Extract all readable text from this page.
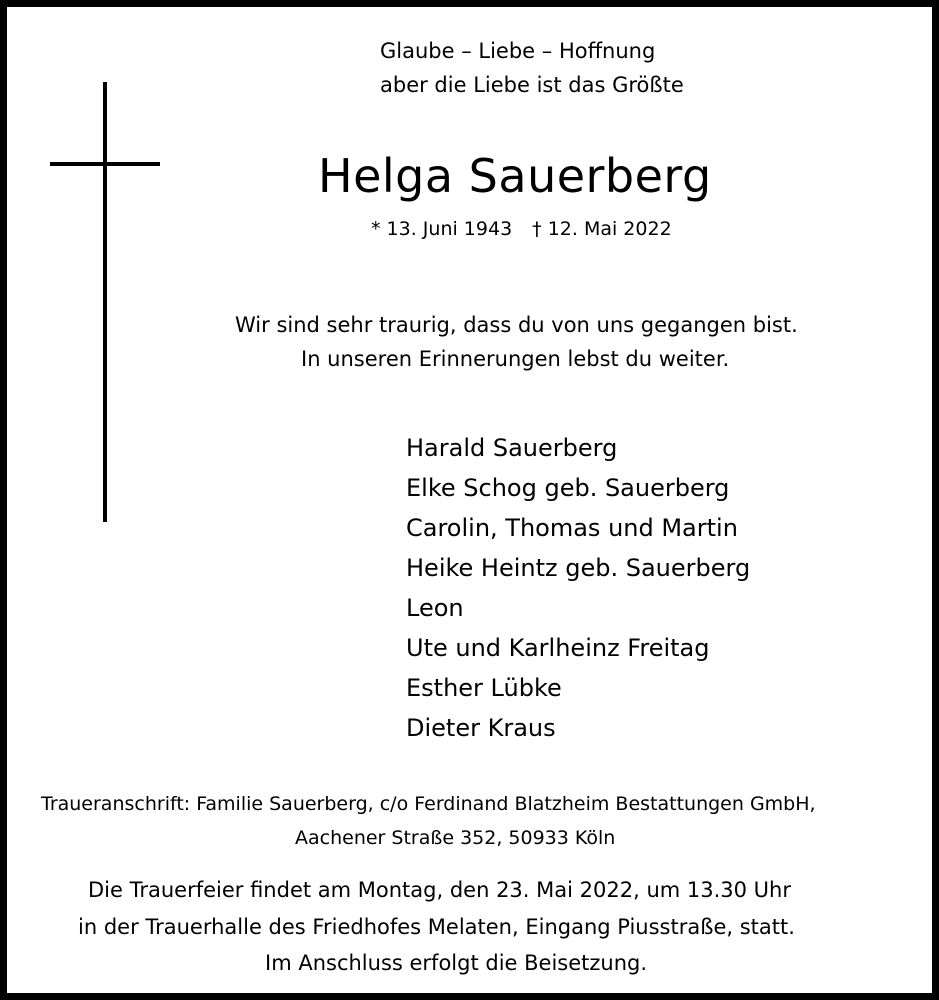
Glaube – Liebe – Hoffnung
aber die Liebe ist das Größte
Helga Sauerberg
* 13. Juni 1943 † 12. Mai 2022
Wir sind sehr traurig, dass du von uns gegangen bist.
In unseren Erinnerungen lebst du weiter.
Harald Sauerberg
Elke Schog geb. Sauerberg
Carolin, Thomas und Martin
Heike Heintz geb. Sauerberg
Leon
Ute und Karlheinz Freitag
Esther Lübke
Dieter Kraus
Traueranschrift: Familie Sauerberg, c/o Ferdinand Blatzheim Bestattungen GmbH,
Aachener Straße 352, 50933 Köln
Die Trauerfeier findet am Montag, den 23. Mai 2022, um 13.30 Uhr
in der Trauerhalle des Friedhofes Melaten, Eingang Piusstraße, statt.
Im Anschluss erfolgt die Beisetzung.
